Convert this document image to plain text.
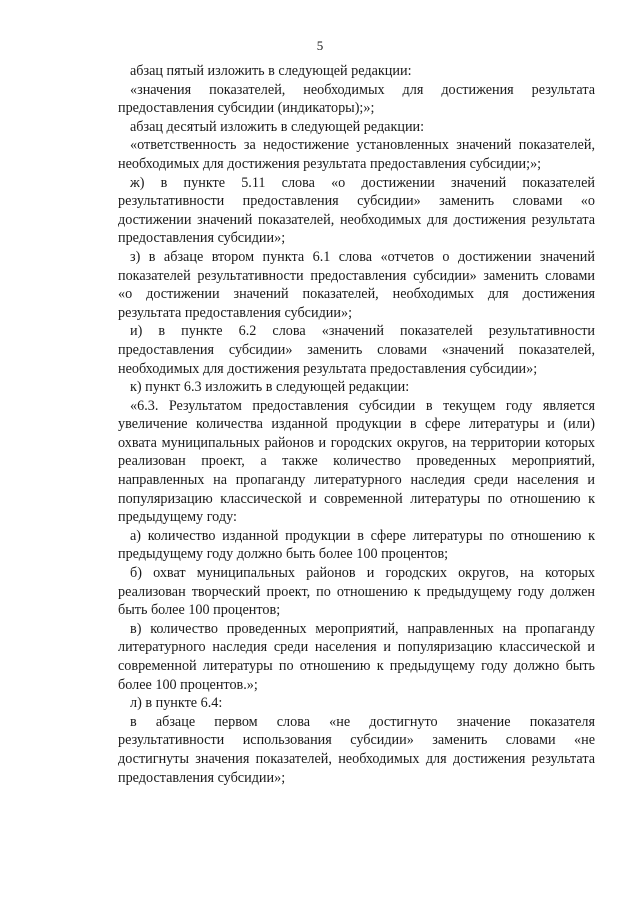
5

абзац пятый изложить в следующей редакции:

«значения показателей, необходимых для достижения результата предоставления субсидии (индикаторы);»;

абзац десятый изложить в следующей редакции:

«ответственность за недостижение установленных значений показателей, необходимых для достижения результата предоставления субсидии;»;

ж) в пункте 5.11 слова «о достижении значений показателей результативности предоставления субсидии» заменить словами «о достижении значений показателей, необходимых для достижения результата предоставления субсидии»;

з) в абзаце втором пункта 6.1 слова «отчетов о достижении значений показателей результативности предоставления субсидии» заменить словами «о достижении значений показателей, необходимых для достижения результата предоставления субсидии»;

и) в пункте 6.2 слова «значений показателей результативности предоставления субсидии» заменить словами «значений показателей, необходимых для достижения результата предоставления субсидии»;

к) пункт 6.3 изложить в следующей редакции:

«6.3. Результатом предоставления субсидии в текущем году является увеличение количества изданной продукции в сфере литературы и (или) охвата муниципальных районов и городских округов, на территории которых реализован проект, а также количество проведенных мероприятий, направленных на пропаганду литературного наследия среди населения и популяризацию классической и современной литературы по отношению к предыдущему году:

а) количество изданной продукции в сфере литературы по отношению к предыдущему году должно быть более 100 процентов;

б) охват муниципальных районов и городских округов, на которых реализован творческий проект, по отношению к предыдущему году должен быть более 100 процентов;

в) количество проведенных мероприятий, направленных на пропаганду литературного наследия среди населения и популяризацию классической и современной литературы по отношению к предыдущему году должно быть более 100 процентов.»;

л) в пункте 6.4:

в абзаце первом слова «не достигнуто значение показателя результативности использования субсидии» заменить словами «не достигнуты значения показателей, необходимых для достижения результата предоставления субсидии»;
